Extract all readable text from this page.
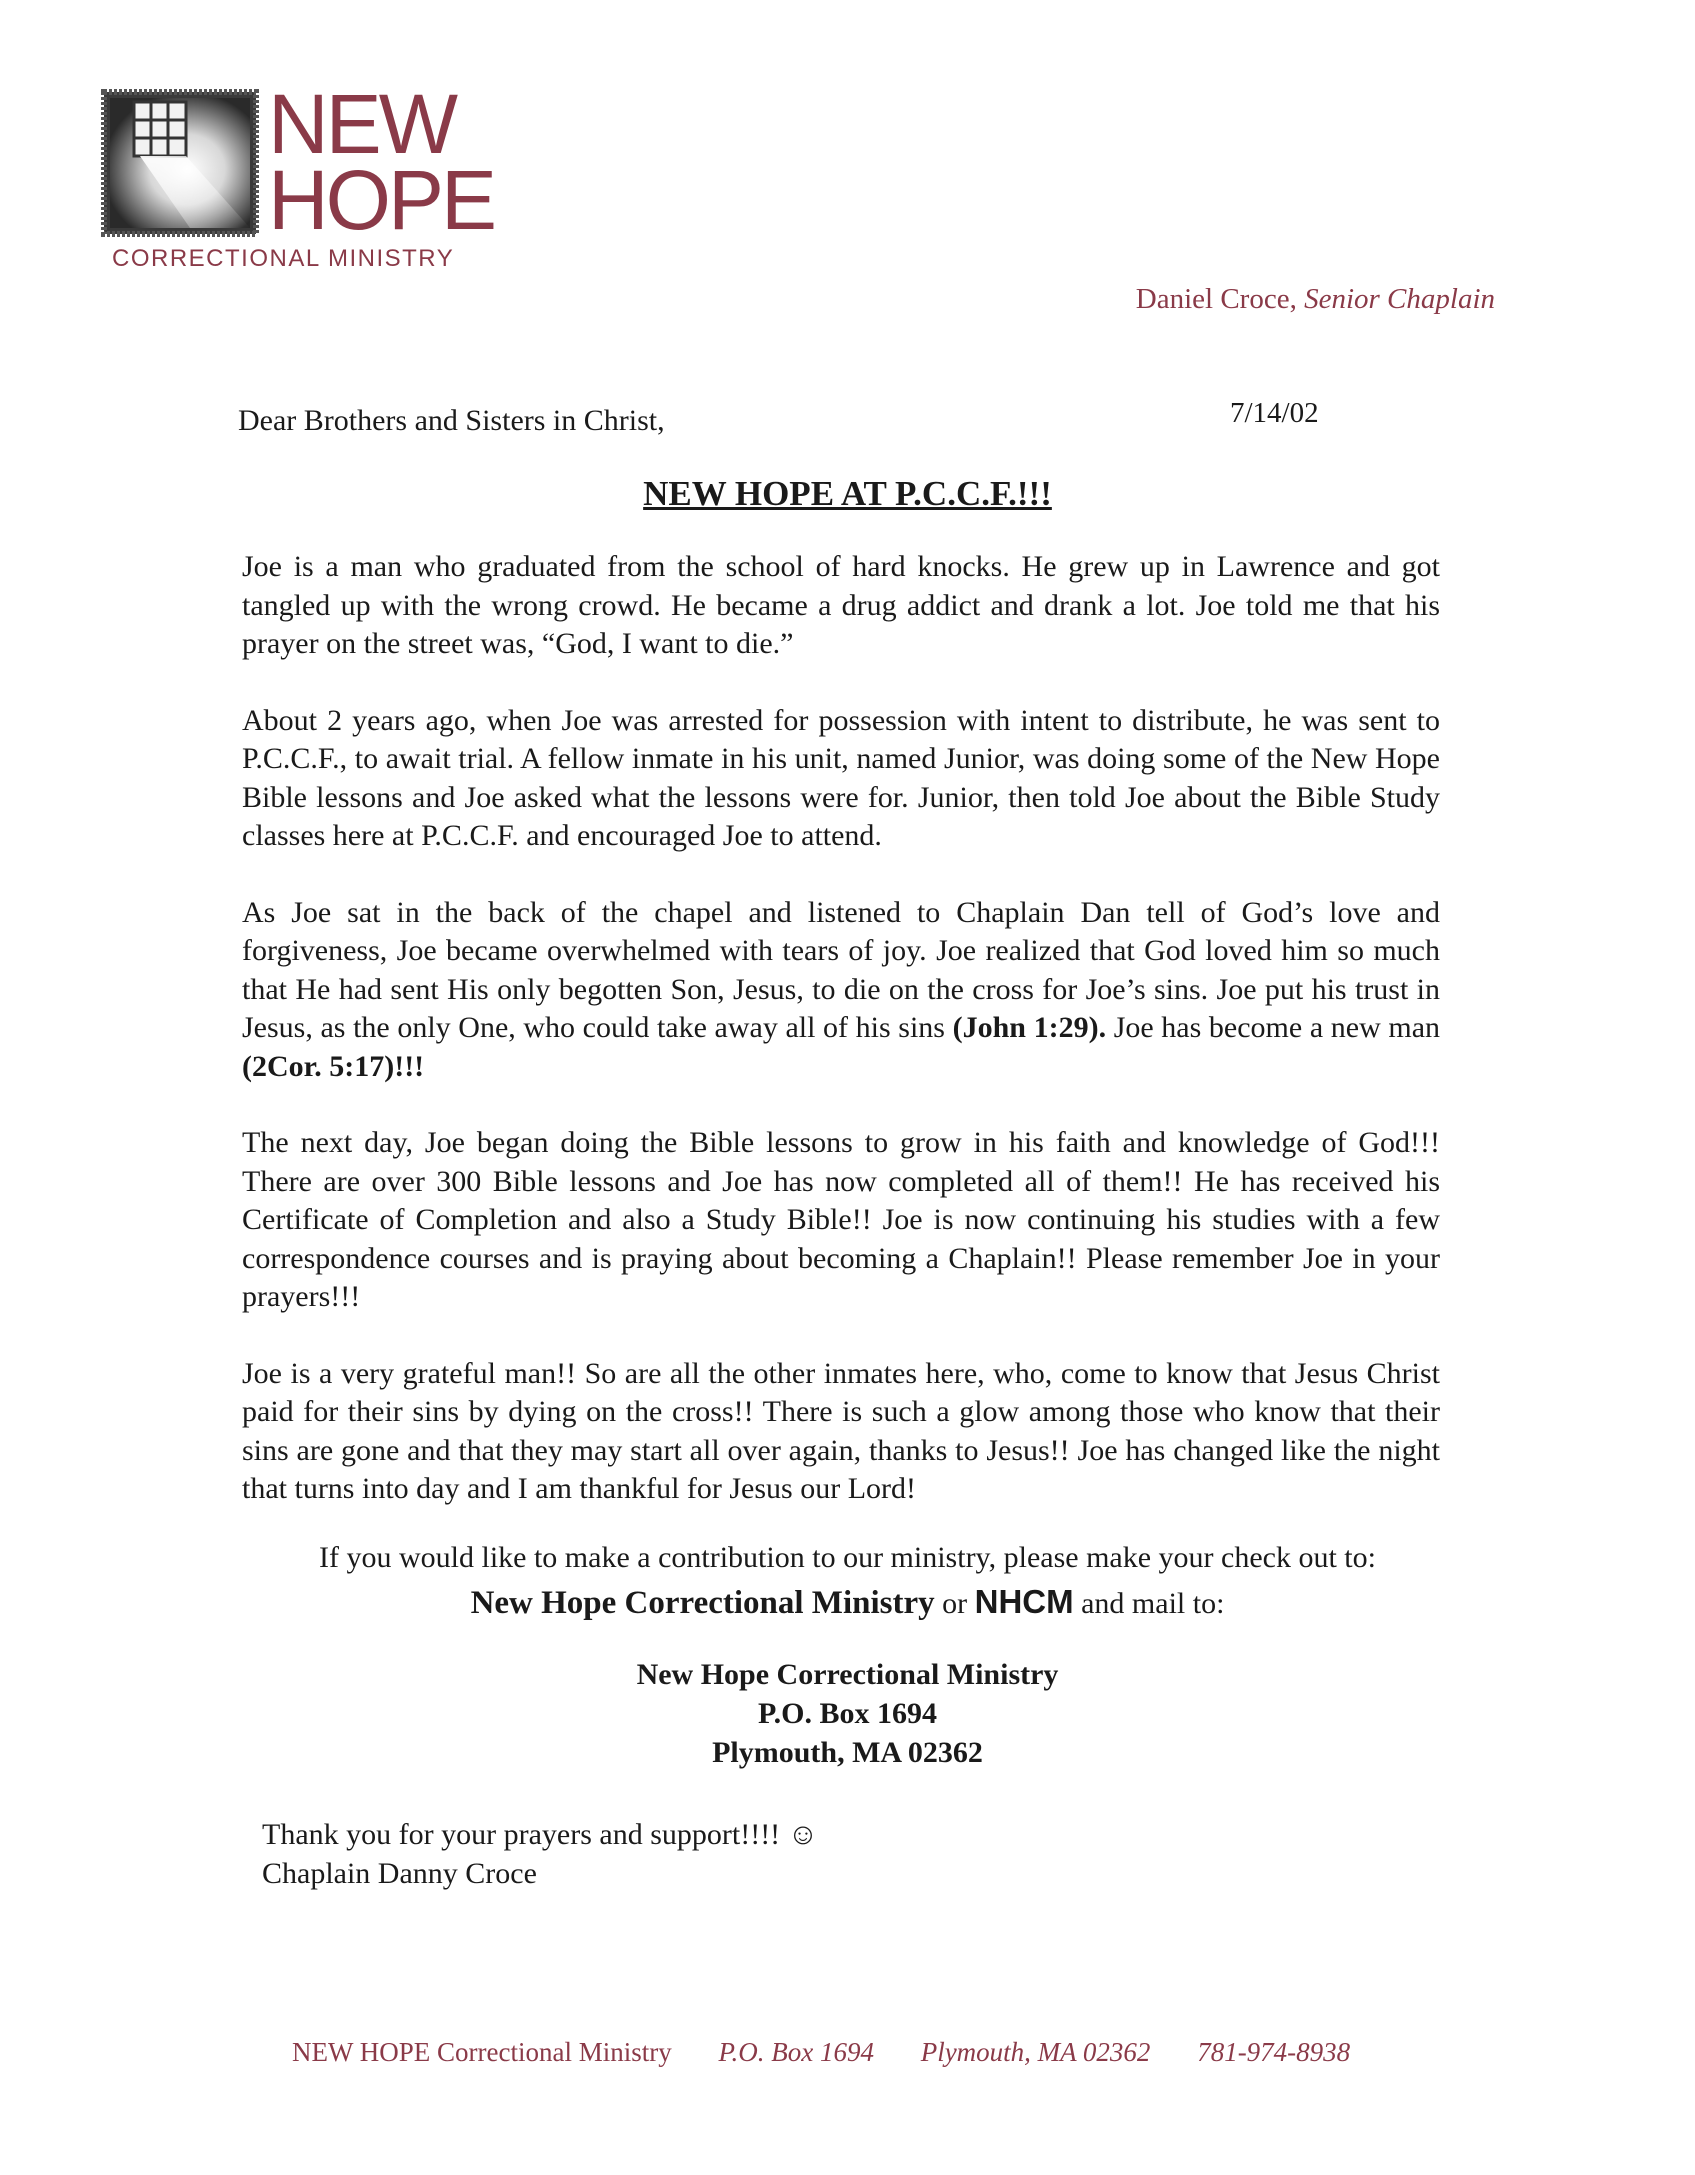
NEW
HOPE
CORRECTIONAL MINISTRY
Daniel Croce, Senior Chaplain
Dear Brothers and Sisters in Christ,	7/14/02
NEW HOPE AT P.C.C.F.!!!

Joe is a man who graduated from the school of hard knocks. He grew up in Lawrence and got tangled up with the wrong crowd. He became a drug addict and drank a lot. Joe told me that his prayer on the street was, “God, I want to die.”

About 2 years ago, when Joe was arrested for possession with intent to distribute, he was sent to P.C.C.F., to await trial. A fellow inmate in his unit, named Junior, was doing some of the New Hope Bible lessons and Joe asked what the lessons were for. Junior, then told Joe about the Bible Study classes here at P.C.C.F. and encouraged Joe to attend.

As Joe sat in the back of the chapel and listened to Chaplain Dan tell of God’s love and forgiveness, Joe became overwhelmed with tears of joy. Joe realized that God loved him so much that He had sent His only begotten Son, Jesus, to die on the cross for Joe’s sins. Joe put his trust in Jesus, as the only One, who could take away all of his sins (John 1:29). Joe has become a new man (2Cor. 5:17)!!!

The next day, Joe began doing the Bible lessons to grow in his faith and knowledge of God!!! There are over 300 Bible lessons and Joe has now completed all of them!! He has received his Certificate of Completion and also a Study Bible!! Joe is now continuing his studies with a few correspondence courses and is praying about becoming a Chaplain!! Please remember Joe in your prayers!!!

Joe is a very grateful man!! So are all the other inmates here, who, come to know that Jesus Christ paid for their sins by dying on the cross!! There is such a glow among those who know that their sins are gone and that they may start all over again, thanks to Jesus!! Joe has changed like the night that turns into day and I am thankful for Jesus our Lord!

If you would like to make a contribution to our ministry, please make your check out to:
New Hope Correctional Ministry or NHCM and mail to:
New Hope Correctional Ministry
P.O. Box 1694
Plymouth, MA 02362
Thank you for your prayers and support!!!! ☺
Chaplain Danny Croce
NEW HOPE Correctional Ministry P.O. Box 1694 Plymouth, MA 02362 781-974-8938
